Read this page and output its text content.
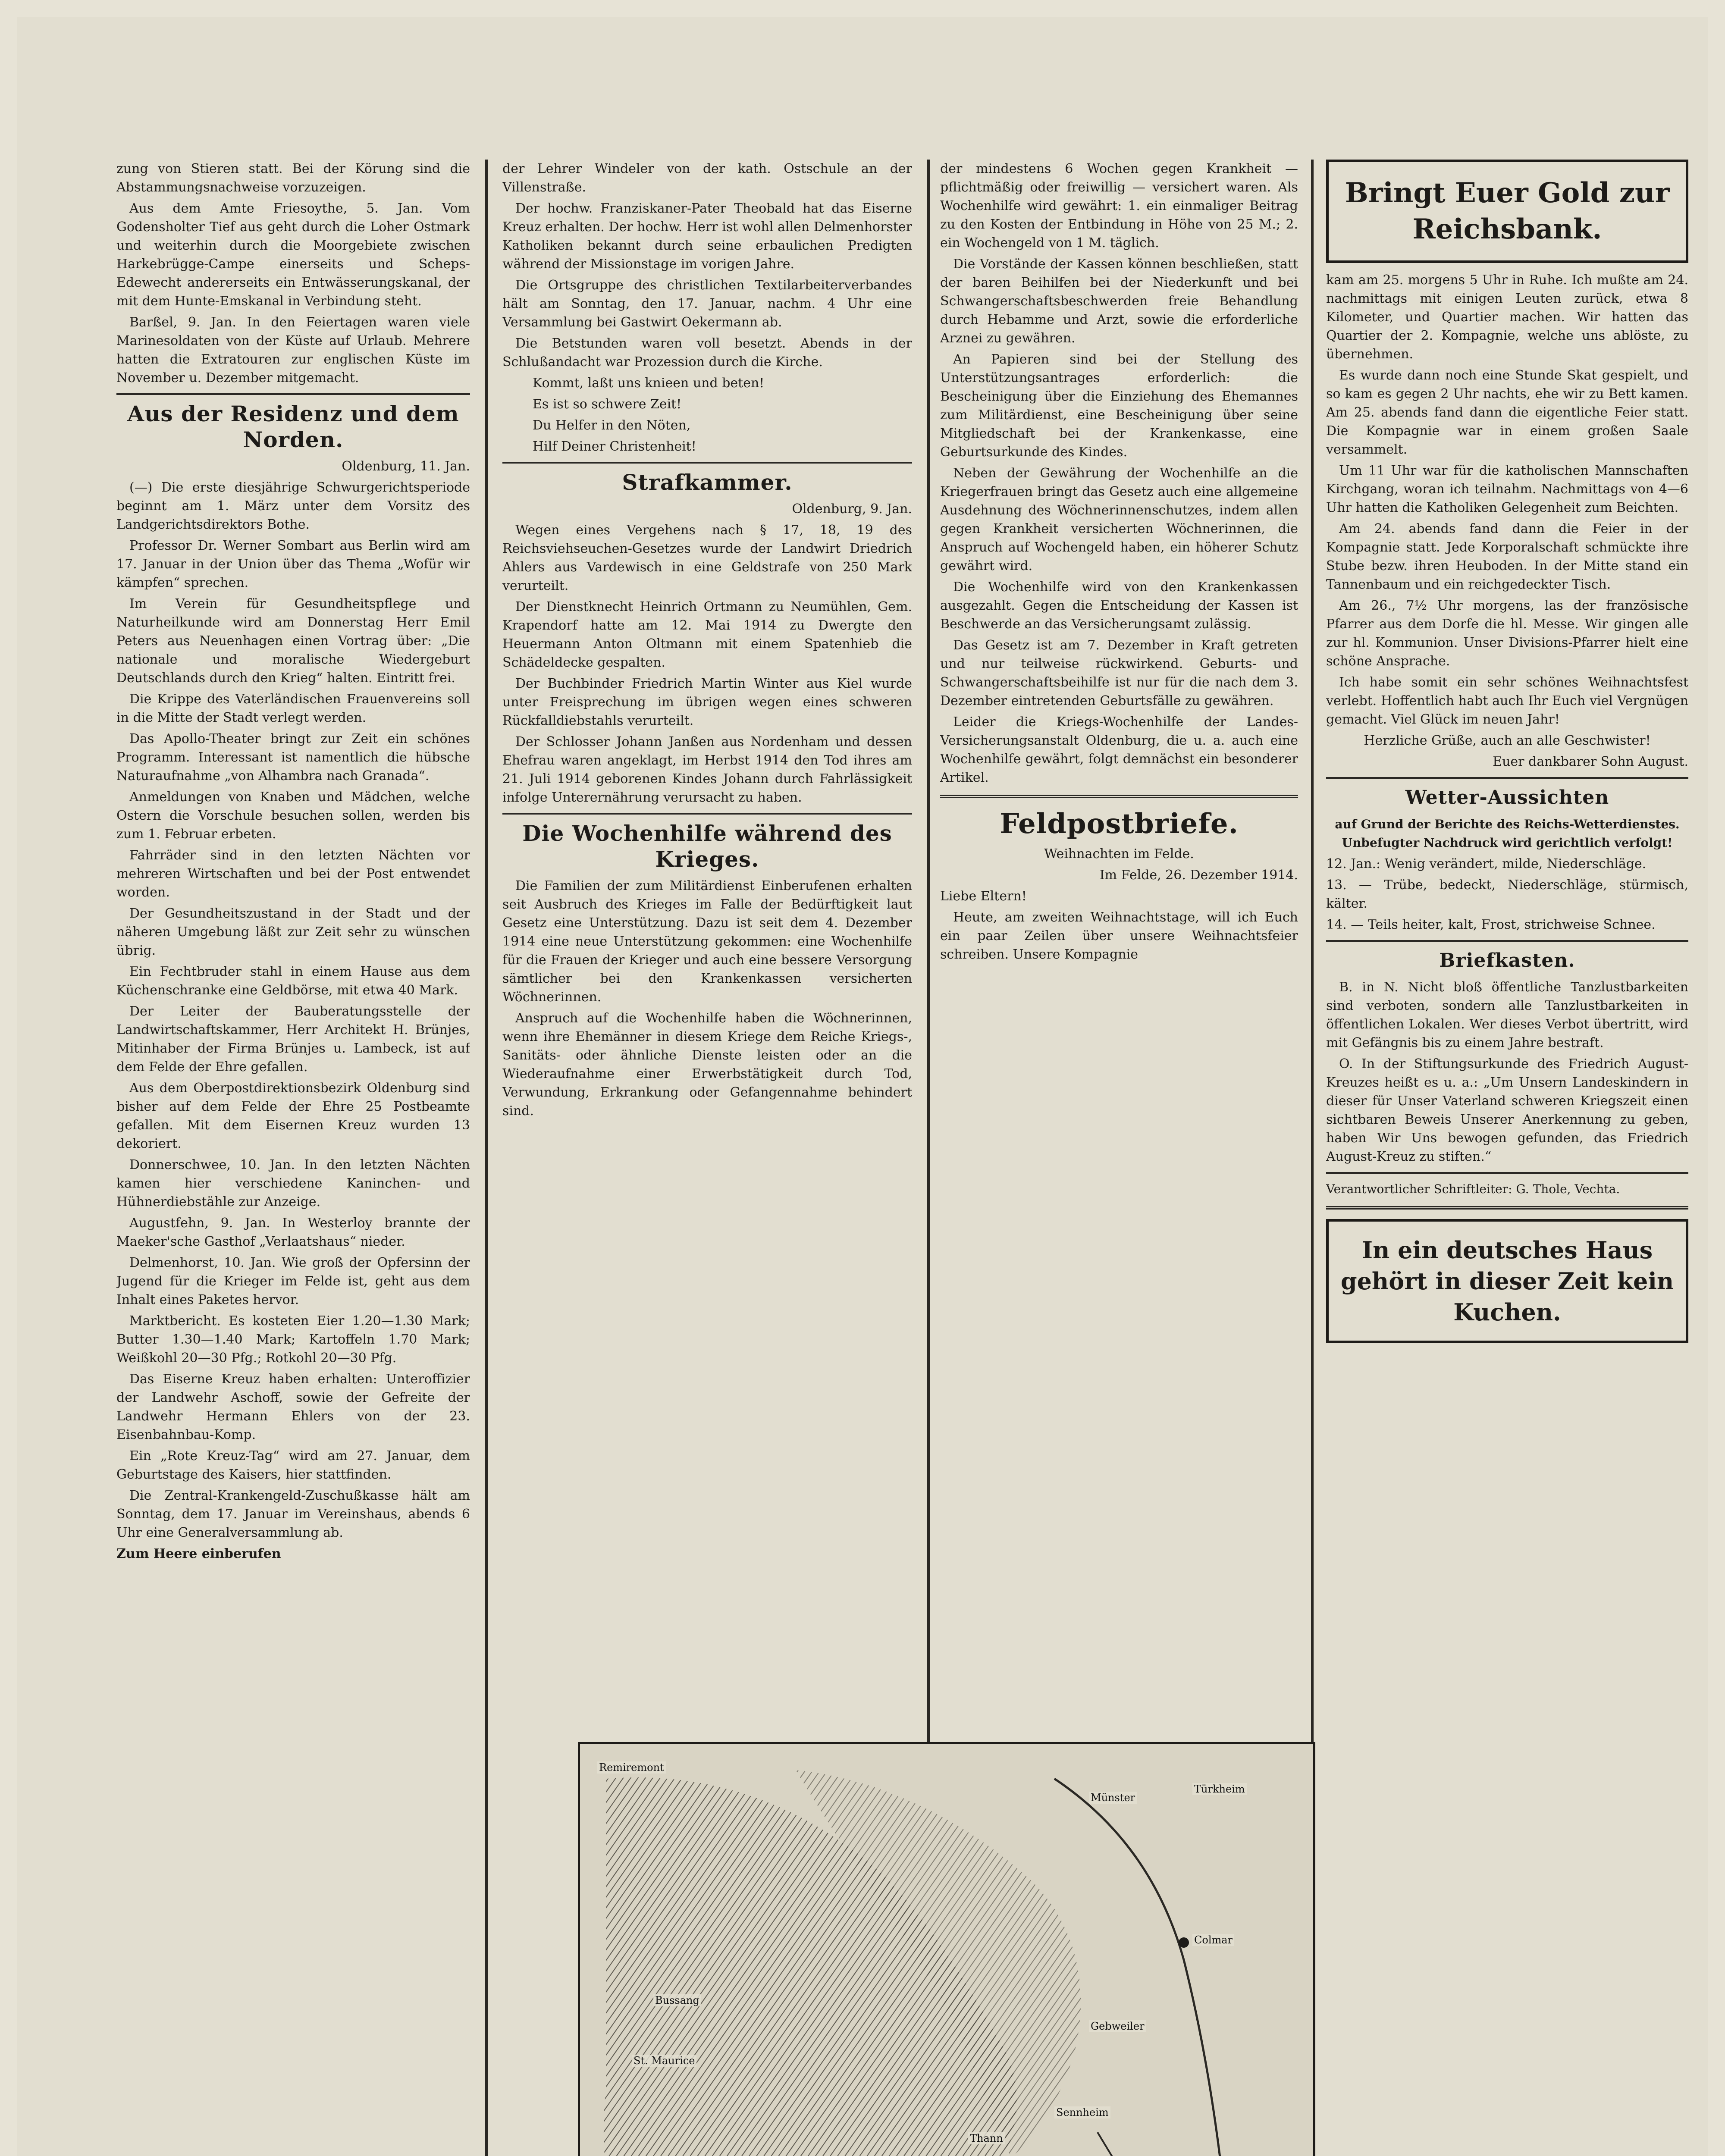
zung von Stieren statt. Bei der Körung sind die Abstammungsnachweise vorzuzeigen.

Aus dem Amte Friesoythe, 5. Jan. Vom Godensholter Tief aus geht durch die Loher Ostmark und weiterhin durch die Moorgebiete zwischen Harkebrügge-Campe einerseits und Scheps-Edewecht andererseits ein Entwässerungskanal, der mit dem Hunte-Emskanal in Verbindung steht.

Barßel, 9. Jan. In den Feiertagen waren viele Marinesoldaten von der Küste auf Urlaub. Mehrere hatten die Extratouren zur englischen Küste im November u. Dezember mitgemacht.

Aus der Residenz und dem Norden.

Oldenburg, 11. Jan.

(—) Die erste diesjährige Schwurgerichtsperiode beginnt am 1. März unter dem Vorsitz des Landgerichtsdirektors Bothe.

Professor Dr. Werner Sombart aus Berlin wird am 17. Januar in der Union über das Thema „Wofür wir kämpfen“ sprechen.

Im Verein für Gesundheitspflege und Naturheilkunde wird am Donnerstag Herr Emil Peters aus Neuenhagen einen Vortrag über: „Die nationale und moralische Wiedergeburt Deutschlands durch den Krieg“ halten. Eintritt frei.

Die Krippe des Vaterländischen Frauenvereins soll in die Mitte der Stadt verlegt werden.

Das Apollo-Theater bringt zur Zeit ein schönes Programm. Interessant ist namentlich die hübsche Naturaufnahme „von Alhambra nach Granada“.

Anmeldungen von Knaben und Mädchen, welche Ostern die Vorschule besuchen sollen, werden bis zum 1. Februar erbeten.

Fahrräder sind in den letzten Nächten vor mehreren Wirtschaften und bei der Post entwendet worden.

Der Gesundheitszustand in der Stadt und der näheren Umgebung läßt zur Zeit sehr zu wünschen übrig.

Ein Fechtbruder stahl in einem Hause aus dem Küchenschranke eine Geldbörse, mit etwa 40 Mark.

Der Leiter der Bauberatungsstelle der Landwirtschaftskammer, Herr Architekt H. Brünjes, Mitinhaber der Firma Brünjes u. Lambeck, ist auf dem Felde der Ehre gefallen.

Aus dem Oberpostdirektionsbezirk Oldenburg sind bisher auf dem Felde der Ehre 25 Postbeamte gefallen. Mit dem Eisernen Kreuz wurden 13 dekoriert.

Donnerschwee, 10. Jan. In den letzten Nächten kamen hier verschiedene Kaninchen- und Hühnerdiebstähle zur Anzeige.

Augustfehn, 9. Jan. In Westerloy brannte der Maeker'sche Gasthof „Verlaatshaus“ nieder.

Delmenhorst, 10. Jan. Wie groß der Opfersinn der Jugend für die Krieger im Felde ist, geht aus dem Inhalt eines Paketes hervor.

Marktbericht. Es kosteten Eier 1.20—1.30 Mark; Butter 1.30—1.40 Mark; Kartoffeln 1.70 Mark; Weißkohl 20—30 Pfg.; Rotkohl 20—30 Pfg.

Das Eiserne Kreuz haben erhalten: Unteroffizier der Landwehr Aschoff, sowie der Gefreite der Landwehr Hermann Ehlers von der 23. Eisenbahnbau-Komp.

Ein „Rote Kreuz-Tag“ wird am 27. Januar, dem Geburtstage des Kaisers, hier stattfinden.

Die Zentral-Krankengeld-Zuschußkasse hält am Sonntag, dem 17. Januar im Vereinshaus, abends 6 Uhr eine Generalversammlung ab.

Zum Heere einberufen

der Lehrer Windeler von der kath. Ostschule an der Villenstraße.

Der hochw. Franziskaner-Pater Theobald hat das Eiserne Kreuz erhalten. Der hochw. Herr ist wohl allen Delmenhorster Katholiken bekannt durch seine erbaulichen Predigten während der Missionstage im vorigen Jahre.

Die Ortsgruppe des christlichen Textilarbeiterverbandes hält am Sonntag, den 17. Januar, nachm. 4 Uhr eine Versammlung bei Gastwirt Oekermann ab.

Die Betstunden waren voll besetzt. Abends in der Schlußandacht war Prozession durch die Kirche.

Kommt, laßt uns knieen und beten!

Es ist so schwere Zeit!

Du Helfer in den Nöten,

Hilf Deiner Christenheit!

Strafkammer.

Oldenburg, 9. Jan.

Wegen eines Vergehens nach § 17, 18, 19 des Reichsviehseuchen-Gesetzes wurde der Landwirt Driedrich Ahlers aus Vardewisch in eine Geldstrafe von 250 Mark verurteilt.

Der Dienstknecht Heinrich Ortmann zu Neumühlen, Gem. Krapendorf hatte am 12. Mai 1914 zu Dwergte den Heuermann Anton Oltmann mit einem Spatenhieb die Schädeldecke gespalten.

Der Buchbinder Friedrich Martin Winter aus Kiel wurde unter Freisprechung im übrigen wegen eines schweren Rückfalldiebstahls verurteilt.

Der Schlosser Johann Janßen aus Nordenham und dessen Ehefrau waren angeklagt, im Herbst 1914 den Tod ihres am 21. Juli 1914 geborenen Kindes Johann durch Fahrlässigkeit infolge Unterernährung verursacht zu haben.

Die Wochenhilfe während des Krieges.

Die Familien der zum Militärdienst Einberufenen erhalten seit Ausbruch des Krieges im Falle der Bedürftigkeit laut Gesetz eine Unterstützung. Dazu ist seit dem 4. Dezember 1914 eine neue Unterstützung gekommen: eine Wochenhilfe für die Frauen der Krieger und auch eine bessere Versorgung sämtlicher bei den Krankenkassen versicherten Wöchnerinnen.

Anspruch auf die Wochenhilfe haben die Wöchnerinnen, wenn ihre Ehemänner in diesem Kriege dem Reiche Kriegs-, Sanitäts- oder ähnliche Dienste leisten oder an die Wiederaufnahme einer Erwerbstätigkeit durch Tod, Verwundung, Erkrankung oder Gefangennahme behindert sind.

der mindestens 6 Wochen gegen Krankheit — pflichtmäßig oder freiwillig — versichert waren. Als Wochenhilfe wird gewährt: 1. ein einmaliger Beitrag zu den Kosten der Entbindung in Höhe von 25 M.; 2. ein Wochengeld von 1 M. täglich.

Die Vorstände der Kassen können beschließen, statt der baren Beihilfen bei der Niederkunft und bei Schwangerschaftsbeschwerden freie Behandlung durch Hebamme und Arzt, sowie die erforderliche Arznei zu gewähren.

An Papieren sind bei der Stellung des Unterstützungsantrages erforderlich: die Bescheinigung über die Einziehung des Ehemannes zum Militärdienst, eine Bescheinigung über seine Mitgliedschaft bei der Krankenkasse, eine Geburtsurkunde des Kindes.

Neben der Gewährung der Wochenhilfe an die Kriegerfrauen bringt das Gesetz auch eine allgemeine Ausdehnung des Wöchnerinnenschutzes, indem allen gegen Krankheit versicherten Wöchnerinnen, die Anspruch auf Wochengeld haben, ein höherer Schutz gewährt wird.

Die Wochenhilfe wird von den Krankenkassen ausgezahlt. Gegen die Entscheidung der Kassen ist Beschwerde an das Versicherungsamt zulässig.

Das Gesetz ist am 7. Dezember in Kraft getreten und nur teilweise rückwirkend. Geburts- und Schwangerschaftsbeihilfe ist nur für die nach dem 3. Dezember eintretenden Geburtsfälle zu gewähren.

Leider die Kriegs-Wochenhilfe der Landes-Versicherungsanstalt Oldenburg, die u. a. auch eine Wochenhilfe gewährt, folgt demnächst ein besonderer Artikel.

Feldpostbriefe.

Weihnachten im Felde.

Im Felde, 26. Dezember 1914.

Liebe Eltern!

Heute, am zweiten Weihnachtstage, will ich Euch ein paar Zeilen über unsere Weihnachtsfeier schreiben. Unsere Kompagnie

Bringt Euer Gold zur Reichsbank.

kam am 25. morgens 5 Uhr in Ruhe. Ich mußte am 24. nachmittags mit einigen Leuten zurück, etwa 8 Kilometer, und Quartier machen. Wir hatten das Quartier der 2. Kompagnie, welche uns ablöste, zu übernehmen.

Es wurde dann noch eine Stunde Skat gespielt, und so kam es gegen 2 Uhr nachts, ehe wir zu Bett kamen. Am 25. abends fand dann die eigentliche Feier statt. Die Kompagnie war in einem großen Saale versammelt.

Um 11 Uhr war für die katholischen Mannschaften Kirchgang, woran ich teilnahm. Nachmittags von 4—6 Uhr hatten die Katholiken Gelegenheit zum Beichten.

Am 24. abends fand dann die Feier in der Kompagnie statt. Jede Korporalschaft schmückte ihre Stube bezw. ihren Heuboden. In der Mitte stand ein Tannenbaum und ein reichgedeckter Tisch.

Am 26., 7½ Uhr morgens, las der französische Pfarrer aus dem Dorfe die hl. Messe. Wir gingen alle zur hl. Kommunion. Unser Divisions-Pfarrer hielt eine schöne Ansprache.

Ich habe somit ein sehr schönes Weihnachtsfest verlebt. Hoffentlich habt auch Ihr Euch viel Vergnügen gemacht. Viel Glück im neuen Jahr!

Herzliche Grüße, auch an alle Geschwister!

Euer dankbarer Sohn August.

Wetter-Aussichten

auf Grund der Berichte des Reichs-Wetterdienstes. Unbefugter Nachdruck wird gerichtlich verfolgt!

12. Jan.: Wenig verändert, milde, Niederschläge.

13. — Trübe, bedeckt, Niederschläge, stürmisch, kälter.

14. — Teils heiter, kalt, Frost, strichweise Schnee.

Briefkasten.

B. in N. Nicht bloß öffentliche Tanzlustbarkeiten sind verboten, sondern alle Tanzlustbarkeiten in öffentlichen Lokalen. Wer dieses Verbot übertritt, wird mit Gefängnis bis zu einem Jahre bestraft.

O. In der Stiftungsurkunde des Friedrich August-Kreuzes heißt es u. a.: „Um Unsern Landeskindern in dieser für Unser Vaterland schweren Kriegszeit einen sichtbaren Beweis Unserer Anerkennung zu geben, haben Wir Uns bewogen gefunden, das Friedrich August-Kreuz zu stiften.“

Verantwortlicher Schriftleiter: G. Thole, Vechta.

In ein deutsches Haus gehört in dieser Zeit kein Kuchen.
Remiremont
Münster
Türkheim
Colmar
Gebweiler
Sennheim
Thann
St. Maurice
Bussang
